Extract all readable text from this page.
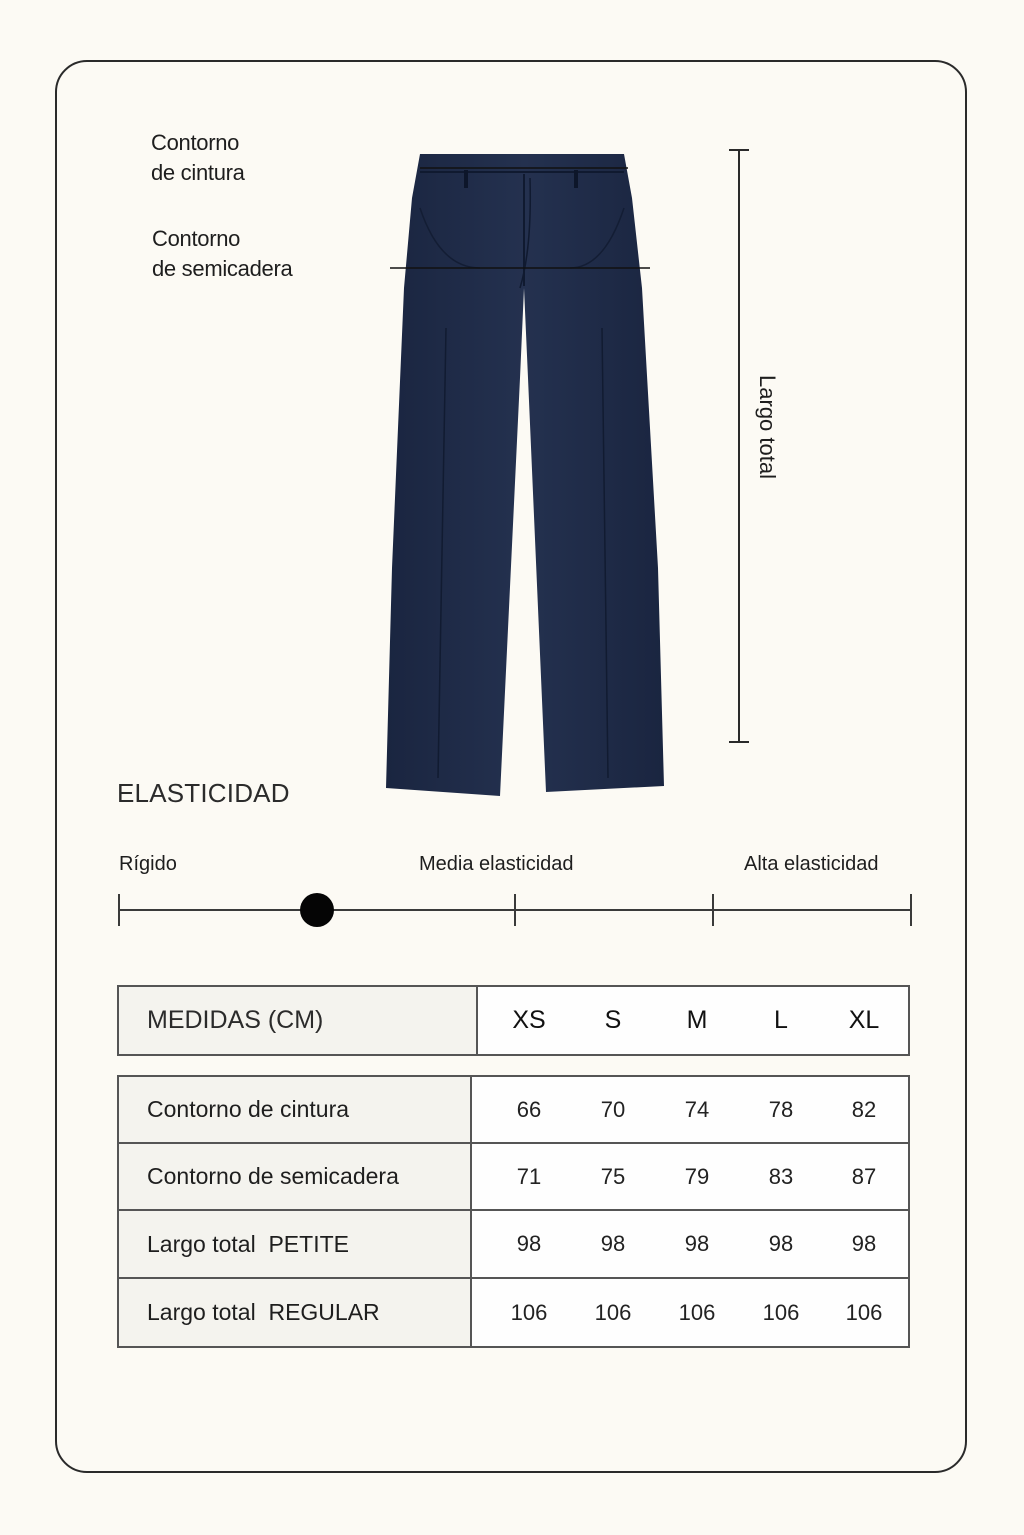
Contorno
de cintura
Contorno
de semicadera
Largo total
ELASTICIDAD
Rígido	Media elasticidad	Alta elasticidad
MEDIDAS (CM)	XS	S	M	L	XL
Contorno de cintura	66 70 74 78 82

Contorno de semicadera	71 75 79 83 87

Largo total  PETITE	98 98 98 98 98

Largo total  REGULAR	106 106 106 106 106
